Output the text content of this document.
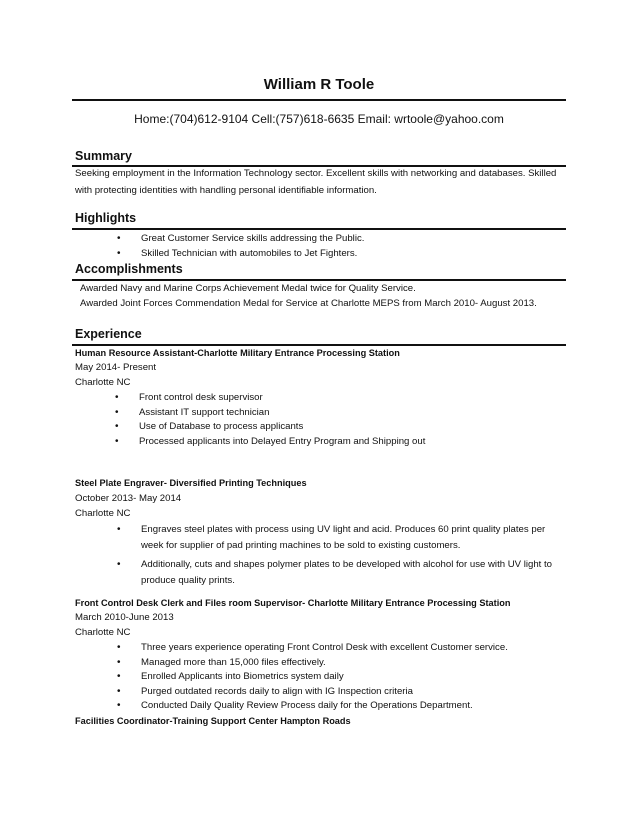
William R Toole
Home:(704)612-9104 Cell:(757)618-6635 Email: wrtoole@yahoo.com
Summary
Seeking employment in the Information Technology sector. Excellent skills with networking and databases. Skilled with protecting identities with handling personal identifiable information.
Highlights
• Great Customer Service skills addressing the Public.
• Skilled Technician with automobiles to Jet Fighters.
Accomplishments
Awarded Navy and Marine Corps Achievement Medal twice for Quality Service.
Awarded Joint Forces Commendation Medal for Service at Charlotte MEPS from March 2010- August 2013.
Experience
Human Resource Assistant-Charlotte Military Entrance Processing Station
May 2014- Present
Charlotte NC
• Front control desk supervisor
• Assistant IT support technician
• Use of Database to process applicants
• Processed applicants into Delayed Entry Program and Shipping out
Steel Plate Engraver- Diversified Printing Techniques
October 2013- May 2014
Charlotte NC
• Engraves steel plates with process using UV light and acid. Produces 60 print quality plates per week for supplier of pad printing machines to be sold to existing customers.
• Additionally, cuts and shapes polymer plates to be developed with alcohol for use with UV light to produce quality prints.
Front Control Desk Clerk and Files room Supervisor- Charlotte Military Entrance Processing Station
March 2010-June 2013
Charlotte NC
• Three years experience operating Front Control Desk with excellent Customer service.
• Managed more than 15,000 files effectively.
• Enrolled Applicants into Biometrics system daily
• Purged outdated records daily to align with IG Inspection criteria
• Conducted Daily Quality Review Process daily for the Operations Department.
Facilities Coordinator-Training Support Center Hampton Roads
